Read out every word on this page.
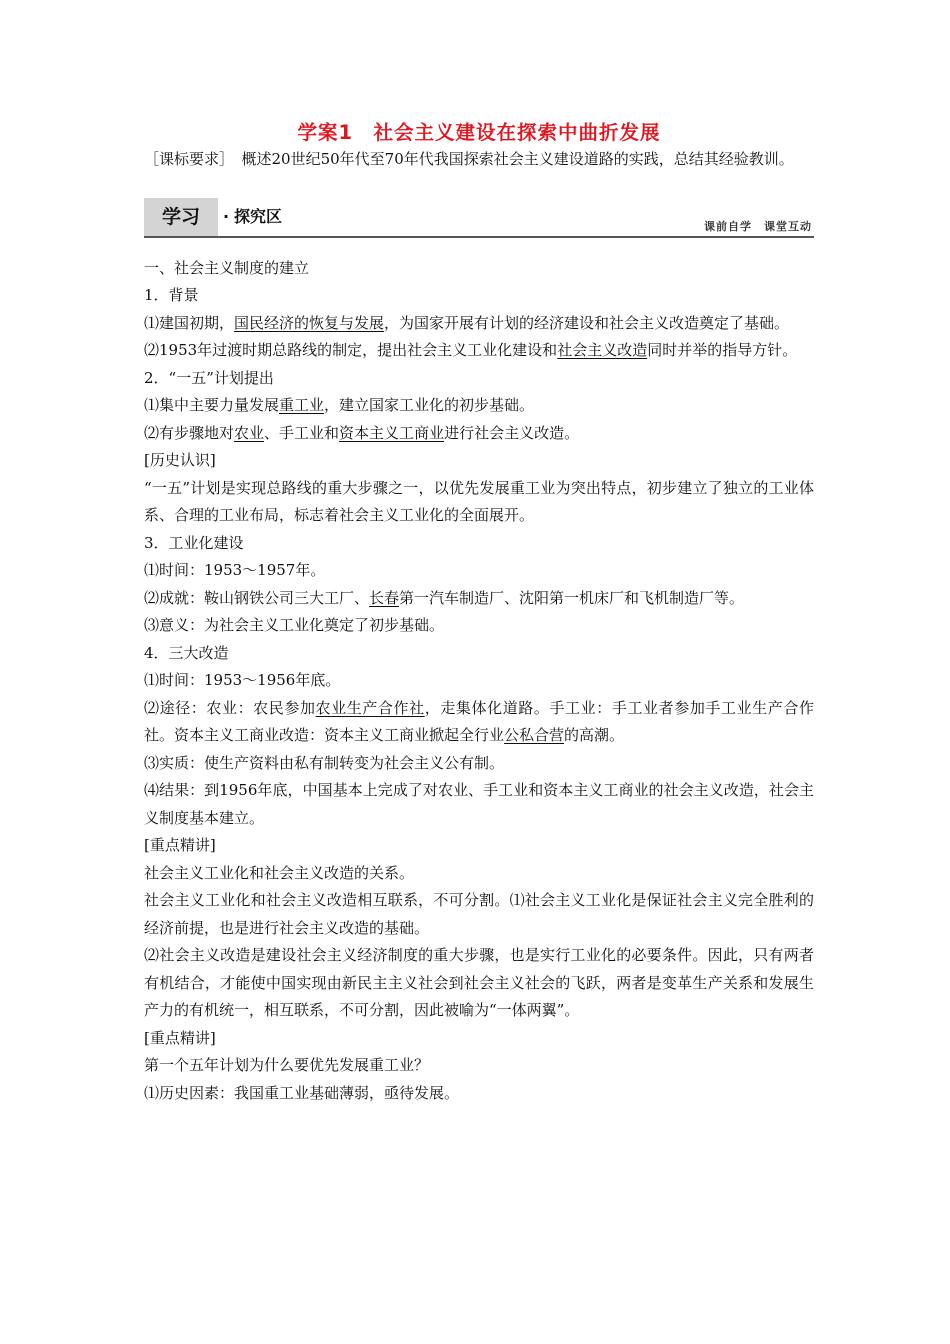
学案1　社会主义建设在探索中曲折发展

［课标要求］　概述20世纪50年代至70年代我国探索社会主义建设道路的实践，总结其经验教训。

学习	· 探究区
课前自学　课堂互动

一、社会主义制度的建立

1．背景

⑴建国初期，国民经济的恢复与发展，为国家开展有计划的经济建设和社会主义改造奠定了基础。

⑵1953年过渡时期总路线的制定，提出社会主义工业化建设和社会主义改造同时并举的指导方针。

2．“一五”计划提出

⑴集中主要力量发展重工业，建立国家工业化的初步基础。

⑵有步骤地对农业、手工业和资本主义工商业进行社会主义改造。

[历史认识]

“一五”计划是实现总路线的重大步骤之一，以优先发展重工业为突出特点，初步建立了独立的工业体系、合理的工业布局，标志着社会主义工业化的全面展开。

3．工业化建设

⑴时间：1953～1957年。

⑵成就：鞍山钢铁公司三大工厂、长春第一汽车制造厂、沈阳第一机床厂和飞机制造厂等。

⑶意义：为社会主义工业化奠定了初步基础。

4．三大改造

⑴时间：1953～1956年底。

⑵途径：农业：农民参加农业生产合作社，走集体化道路。手工业：手工业者参加手工业生产合作社。资本主义工商业改造：资本主义工商业掀起全行业公私合营的高潮。

⑶实质：使生产资料由私有制转变为社会主义公有制。

⑷结果：到1956年底，中国基本上完成了对农业、手工业和资本主义工商业的社会主义改造，社会主义制度基本建立。

[重点精讲]

社会主义工业化和社会主义改造的关系。

社会主义工业化和社会主义改造相互联系，不可分割。⑴社会主义工业化是保证社会主义完全胜利的经济前提，也是进行社会主义改造的基础。

⑵社会主义改造是建设社会主义经济制度的重大步骤，也是实行工业化的必要条件。因此，只有两者有机结合，才能使中国实现由新民主主义社会到社会主义社会的飞跃，两者是变革生产关系和发展生产力的有机统一，相互联系，不可分割，因此被喻为“一体两翼”。

[重点精讲]

第一个五年计划为什么要优先发展重工业？

⑴历史因素：我国重工业基础薄弱，亟待发展。
